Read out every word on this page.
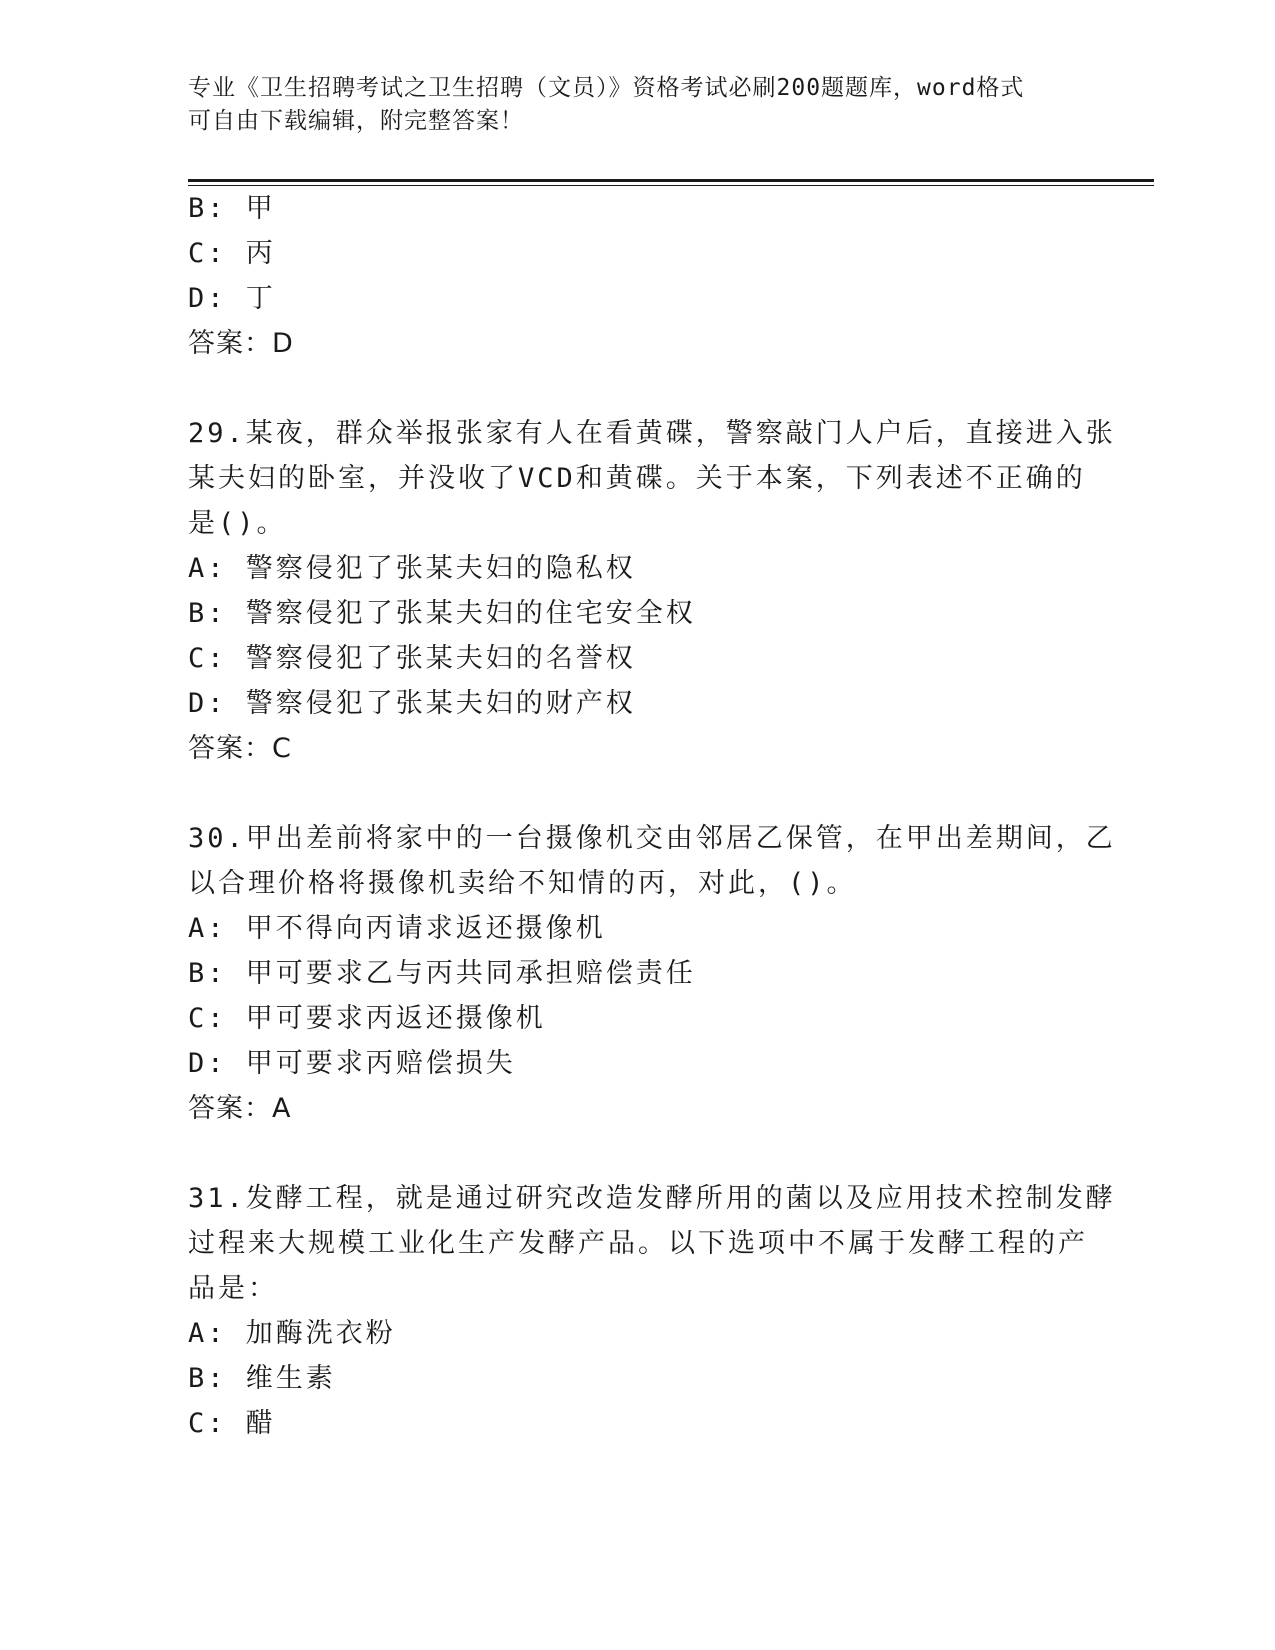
专业《卫生招聘考试之卫生招聘（文员）》资格考试必刷200题题库，word格式
可自由下载编辑，附完整答案！
B: 甲
C: 丙
D: 丁
答案：D
29.某夜，群众举报张家有人在看黄碟，警察敲门人户后，直接进入张
某夫妇的卧室，并没收了VCD和黄碟。关于本案，下列表述不正确的
是()。
A: 警察侵犯了张某夫妇的隐私权
B: 警察侵犯了张某夫妇的住宅安全权
C: 警察侵犯了张某夫妇的名誉权
D: 警察侵犯了张某夫妇的财产权
答案：C
30.甲出差前将家中的一台摄像机交由邻居乙保管，在甲出差期间，乙
以合理价格将摄像机卖给不知情的丙，对此，()。
A: 甲不得向丙请求返还摄像机
B: 甲可要求乙与丙共同承担赔偿责任
C: 甲可要求丙返还摄像机
D: 甲可要求丙赔偿损失
答案：A
31.发酵工程，就是通过研究改造发酵所用的菌以及应用技术控制发酵
过程来大规模工业化生产发酵产品。以下选项中不属于发酵工程的产
品是：
A: 加酶洗衣粉
B: 维生素
C: 醋
